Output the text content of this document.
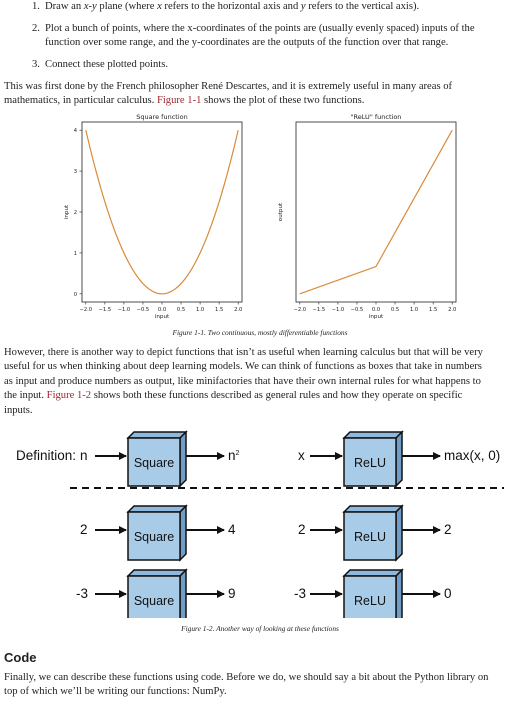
1. Draw an x-y plane (where x refers to the horizontal axis and y refers to the vertical axis).
2. Plot a bunch of points, where the x-coordinates of the points are (usually evenly spaced) inputs of the
function over some range, and the y-coordinates are the outputs of the function over that range.
3. Connect these plotted points.
This was first done by the French philosopher René Descartes, and it is extremely useful in many areas of
mathematics, in particular calculus. Figure 1-1 shows the plot of these two functions.
Square function
−2.0 −1.5 −1.0 −0.5 0.0 0.5 1.0 1.5 2.0
input
0
1
2
3
4
input
"ReLU" function
−2.0 −1.5 −1.0 −0.5 0.0 0.5 1.0 1.5 2.0
input
output
Figure 1-1. Two continuous, mostly differentiable functions
However, there is another way to depict functions that isn’t as useful when learning calculus but that will be very
useful for us when thinking about deep learning models. We can think of functions as boxes that take in numbers
as input and produce numbers as output, like minifactories that have their own internal rules for what happens to
the input. Figure 1-2 shows both these functions described as general rules and how they operate on specific
inputs.
Definition: n	Square	$n^2$	x	ReLU	max(x, 0)
2	Square	4	2	ReLU	2
-3	Square	9	-3	ReLU	0
Figure 1-2. Another way of looking at these functions
Code
Finally, we can describe these functions using code. Before we do, we should say a bit about the Python library on
top of which we’ll be writing our functions: NumPy.
